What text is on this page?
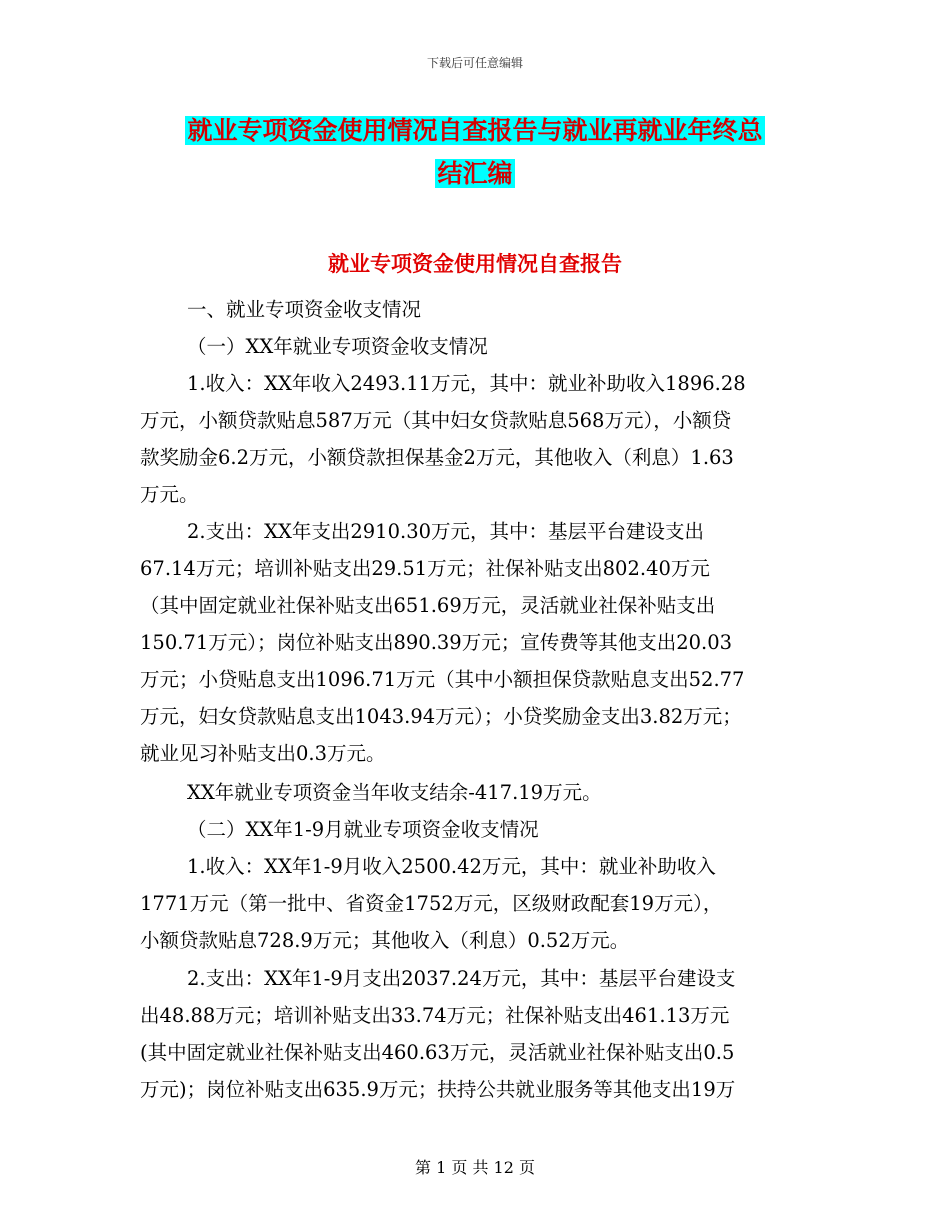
下载后可任意编辑
就业专项资金使用情况自查报告与就业再就业年终总
结汇编
就业专项资金使用情况自查报告
一、就业专项资金收支情况
（一）XX年就业专项资金收支情况
1.收入：XX年收入2493.11万元，其中：就业补助收入1896.28
万元，小额贷款贴息587万元（其中妇女贷款贴息568万元），小额贷
款奖励金6.2万元，小额贷款担保基金2万元，其他收入（利息）1.63
万元。
2.支出：XX年支出2910.30万元，其中：基层平台建设支出
67.14万元；培训补贴支出29.51万元；社保补贴支出802.40万元
（其中固定就业社保补贴支出651.69万元，灵活就业社保补贴支出
150.71万元）；岗位补贴支出890.39万元；宣传费等其他支出20.03
万元；小贷贴息支出1096.71万元（其中小额担保贷款贴息支出52.77
万元，妇女贷款贴息支出1043.94万元）；小贷奖励金支出3.82万元；
就业见习补贴支出0.3万元。
XX年就业专项资金当年收支结余-417.19万元。
（二）XX年1-9月就业专项资金收支情况
1.收入：XX年1-9月收入2500.42万元，其中：就业补助收入
1771万元（第一批中、省资金1752万元，区级财政配套19万元），
小额贷款贴息728.9万元；其他收入（利息）0.52万元。
2.支出：XX年1-9月支出2037.24万元，其中：基层平台建设支
出48.88万元；培训补贴支出33.74万元；社保补贴支出461.13万元
(其中固定就业社保补贴支出460.63万元，灵活就业社保补贴支出0.5
万元)；岗位补贴支出635.9万元；扶持公共就业服务等其他支出19万
第 1 页 共 12 页
